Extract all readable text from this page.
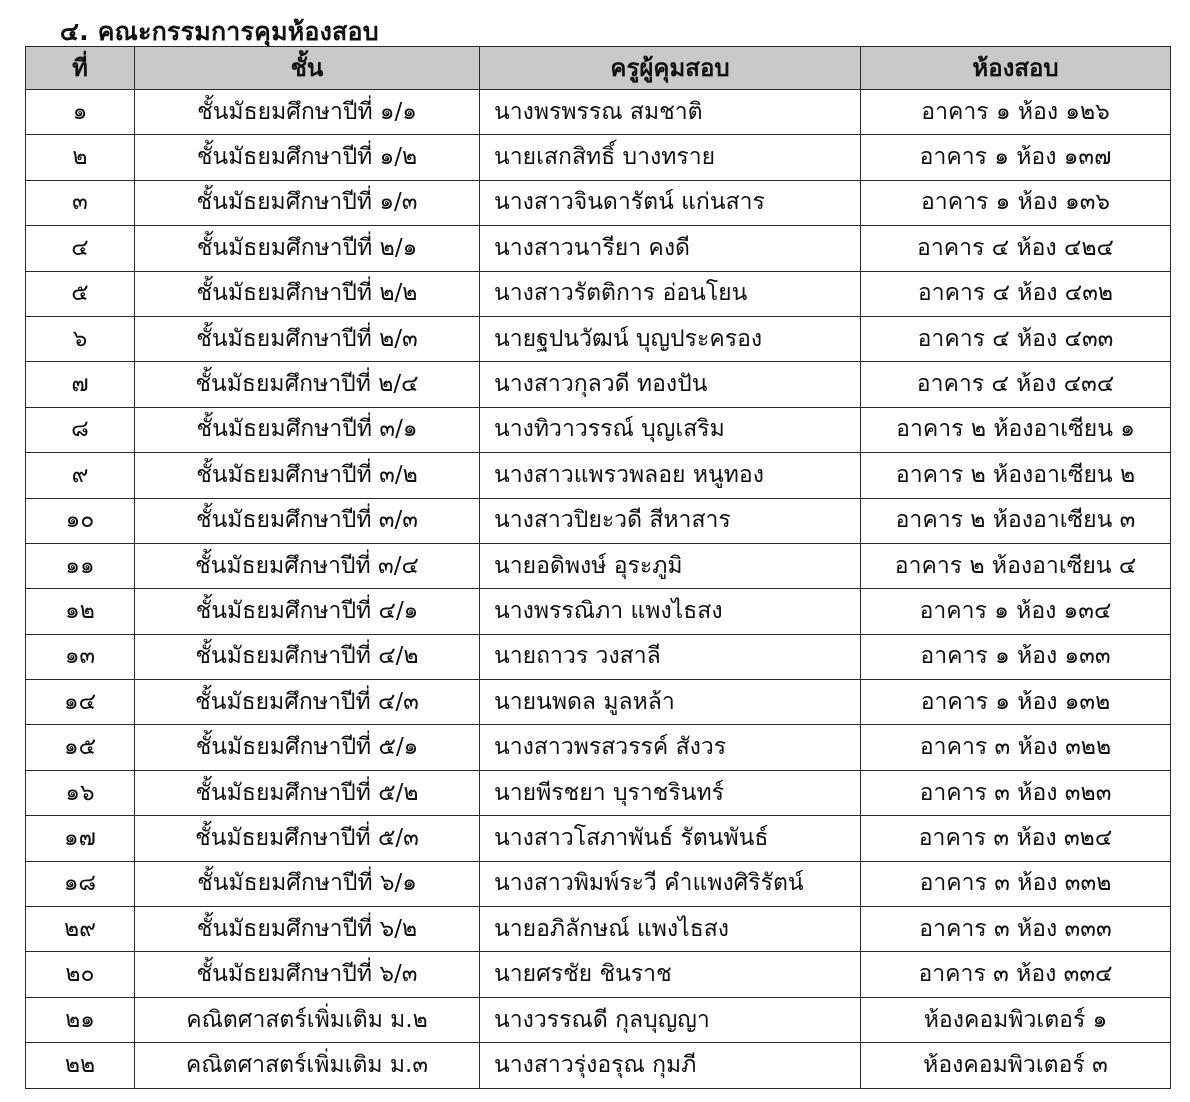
๔. คณะกรรมการคุมห้องสอบ
ที่	ชั้น	ครูผู้คุมสอบ	ห้องสอบ
๑	ชั้นมัธยมศึกษาปีที่ ๑/๑	นางพรพรรณ สมชาติ	อาคาร ๑ ห้อง ๑๒๖
๒	ชั้นมัธยมศึกษาปีที่ ๑/๒	นายเสกสิทธิ์ บางทราย	อาคาร ๑ ห้อง ๑๓๗
๓	ชั้นมัธยมศึกษาปีที่ ๑/๓	นางสาวจินดารัตน์ แก่นสาร	อาคาร ๑ ห้อง ๑๓๖
๔	ชั้นมัธยมศึกษาปีที่ ๒/๑	นางสาวนารียา คงดี	อาคาร ๔ ห้อง ๔๒๔
๕	ชั้นมัธยมศึกษาปีที่ ๒/๒	นางสาวรัตติการ อ่อนโยน	อาคาร ๔ ห้อง ๔๓๒
๖	ชั้นมัธยมศึกษาปีที่ ๒/๓	นายฐปนวัฒน์ บุญประครอง	อาคาร ๔ ห้อง ๔๓๓
๗	ชั้นมัธยมศึกษาปีที่ ๒/๔	นางสาวกุลวดี ทองปัน	อาคาร ๔ ห้อง ๔๓๔
๘	ชั้นมัธยมศึกษาปีที่ ๓/๑	นางทิวาวรรณ์ บุญเสริม	อาคาร ๒ ห้องอาเซียน ๑
๙	ชั้นมัธยมศึกษาปีที่ ๓/๒	นางสาวแพรวพลอย หนูทอง	อาคาร ๒ ห้องอาเซียน ๒
๑๐	ชั้นมัธยมศึกษาปีที่ ๓/๓	นางสาวปิยะวดี สีหาสาร	อาคาร ๒ ห้องอาเซียน ๓
๑๑	ชั้นมัธยมศึกษาปีที่ ๓/๔	นายอดิพงษ์ อุระภูมิ	อาคาร ๒ ห้องอาเซียน ๔
๑๒	ชั้นมัธยมศึกษาปีที่ ๔/๑	นางพรรณิภา แพงไธสง	อาคาร ๑ ห้อง ๑๓๔
๑๓	ชั้นมัธยมศึกษาปีที่ ๔/๒	นายถาวร วงสาลี	อาคาร ๑ ห้อง ๑๓๓
๑๔	ชั้นมัธยมศึกษาปีที่ ๔/๓	นายนพดล มูลหล้า	อาคาร ๑ ห้อง ๑๓๒
๑๕	ชั้นมัธยมศึกษาปีที่ ๕/๑	นางสาวพรสวรรค์ สังวร	อาคาร ๓ ห้อง ๓๒๒
๑๖	ชั้นมัธยมศึกษาปีที่ ๕/๒	นายพีรชยา บุราชรินทร์	อาคาร ๓ ห้อง ๓๒๓
๑๗	ชั้นมัธยมศึกษาปีที่ ๕/๓	นางสาวโสภาพันธ์ รัตนพันธ์	อาคาร ๓ ห้อง ๓๒๔
๑๘	ชั้นมัธยมศึกษาปีที่ ๖/๑	นางสาวพิมพ์ระวี คำแพงศิริรัตน์	อาคาร ๓ ห้อง ๓๓๒
๒๙	ชั้นมัธยมศึกษาปีที่ ๖/๒	นายอภิลักษณ์ แพงไธสง	อาคาร ๓ ห้อง ๓๓๓
๒๐	ชั้นมัธยมศึกษาปีที่ ๖/๓	นายศรชัย ชินราช	อาคาร ๓ ห้อง ๓๓๔
๒๑	คณิตศาสตร์เพิ่มเติม ม.๒	นางวรรณดี กุลบุญญา	ห้องคอมพิวเตอร์ ๑
๒๒	คณิตศาสตร์เพิ่มเติม ม.๓	นางสาวรุ่งอรุณ กุมภี	ห้องคอมพิวเตอร์ ๓
